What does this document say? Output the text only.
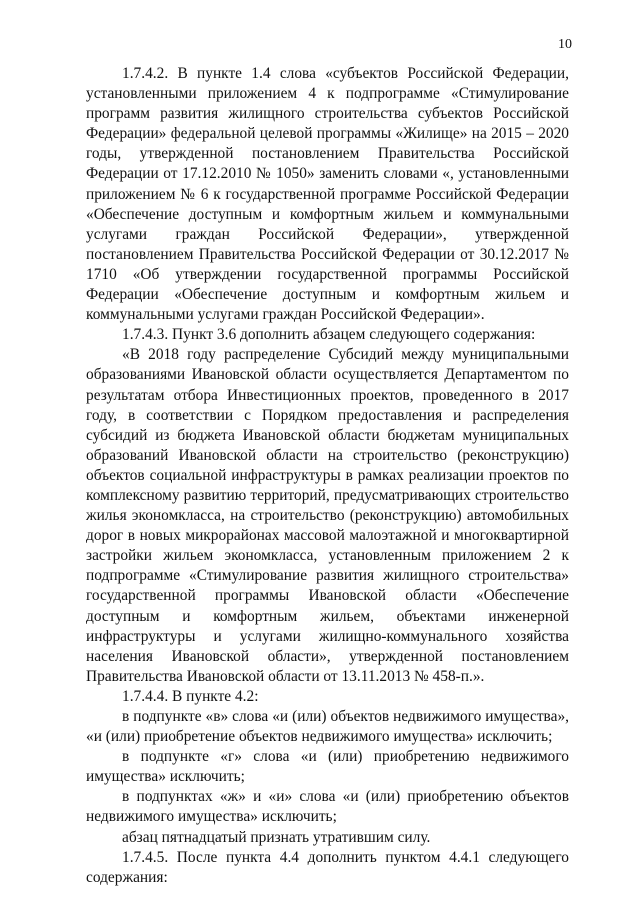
10

1.7.4.2. В пункте 1.4 слова «субъектов Российской Федерации, установленными приложением 4 к подпрограмме «Стимулирование программ развития жилищного строительства субъектов Российской Федерации» федеральной целевой программы «Жилище» на 2015 – 2020 годы, утвержденной постановлением Правительства Российской Федерации от 17.12.2010 № 1050» заменить словами «, установленными приложением № 6 к государственной программе Российской Федерации «Обеспечение доступным и комфортным жильем и коммунальными услугами граждан Российской Федерации», утвержденной постановлением Правительства Российской Федерации от 30.12.2017 № 1710 «Об утверждении государственной программы Российской Федерации «Обеспечение доступным и комфортным жильем и коммунальными услугами граждан Российской Федерации».

1.7.4.3. Пункт 3.6 дополнить абзацем следующего содержания:

«В 2018 году распределение Субсидий между муниципальными образованиями Ивановской области осуществляется Департаментом по результатам отбора Инвестиционных проектов, проведенного в 2017 году, в соответствии с Порядком предоставления и распределения субсидий из бюджета Ивановской области бюджетам муниципальных образований Ивановской области на строительство (реконструкцию) объектов социальной инфраструктуры в рамках реализации проектов по комплексному развитию территорий, предусматривающих строительство жилья экономкласса, на строительство (реконструкцию) автомобильных дорог в новых микрорайонах массовой малоэтажной и многоквартирной застройки жильем экономкласса, установленным приложением 2 к подпрограмме «Стимулирование развития жилищного строительства» государственной программы Ивановской области «Обеспечение доступным и комфортным жильем, объектами инженерной инфраструктуры и услугами жилищно-коммунального хозяйства населения Ивановской области», утвержденной постановлением Правительства Ивановской области от 13.11.2013 № 458-п.».

1.7.4.4. В пункте 4.2:

в подпункте «в» слова «и (или) объектов недвижимого имущества», «и (или) приобретение объектов недвижимого имущества» исключить;

в подпункте «г» слова «и (или) приобретению недвижимого имущества» исключить;

в подпунктах «ж» и «и» слова «и (или) приобретению объектов недвижимого имущества» исключить;

абзац пятнадцатый признать утратившим силу.

1.7.4.5. После пункта 4.4 дополнить пунктом 4.4.1 следующего содержания:
